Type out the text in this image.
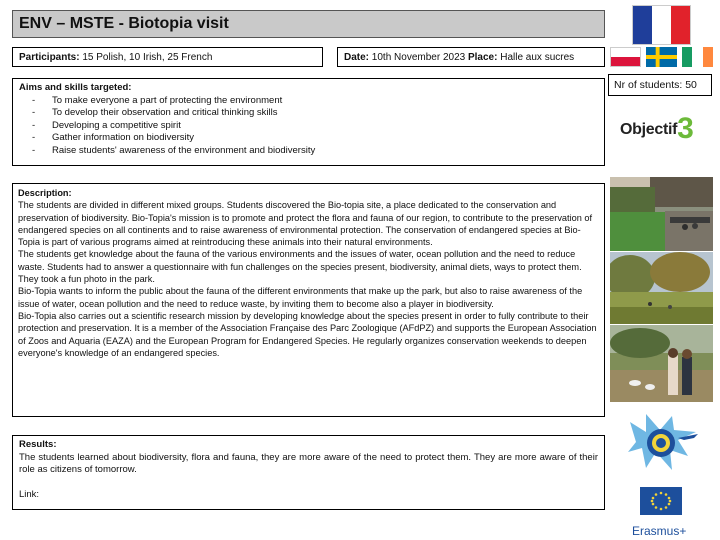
ENV – MSTE - Biotopia visit
Participants: 15 Polish, 10 Irish, 25 French	Date: 10th November 2023 Place: Halle aux sucres
Aims and skills targeted:
- To make everyone a part of protecting the environment
- To develop their observation and critical thinking skills
- Developing a competitive spirit
- Gather information on biodiversity
- Raise students' awareness of the environment and biodiversity
Description:

The students are divided in different mixed groups. Students discovered the Bio-topia site, a place dedicated to the conservation and preservation of biodiversity. Bio-Topia's mission is to promote and protect the flora and fauna of our region, to contribute to the preservation of endangered species on all continents and to raise awareness of environmental protection. The conservation of endangered species at Bio-Topia is part of various programs aimed at reintroducing these animals into their natural environments.

The students get knowledge about the fauna of the various environments and the issues of water, ocean pollution and the need to reduce waste. Students had to answer a questionnaire with fun challenges on the species present, biodiversity, animal diets, ways to protect them. They took a fun photo in the park.

Bio-Topia wants to inform the public about the fauna of the different environments that make up the park, but also to raise awareness of the issue of water, ocean pollution and the need to reduce waste, by inviting them to become also a player in biodiversity.

Bio-Topia also carries out a scientific research mission by developing knowledge about the species present in order to fully contribute to their protection and preservation. It is a member of the Association Française des Parc Zoologique (AFdPZ) and supports the European Association of Zoos and Aquaria (EAZA) and the European Program for Endangered Species. He regularly organizes conservation weekends to deepen everyone's knowledge of an endangered species.

Results:

The students learned about biodiversity, flora and fauna, they are more aware of the need to protect them. They are more aware of their role as citizens of tomorrow.

Link:

Nr of students: 50
Objectif3
Erasmus+
